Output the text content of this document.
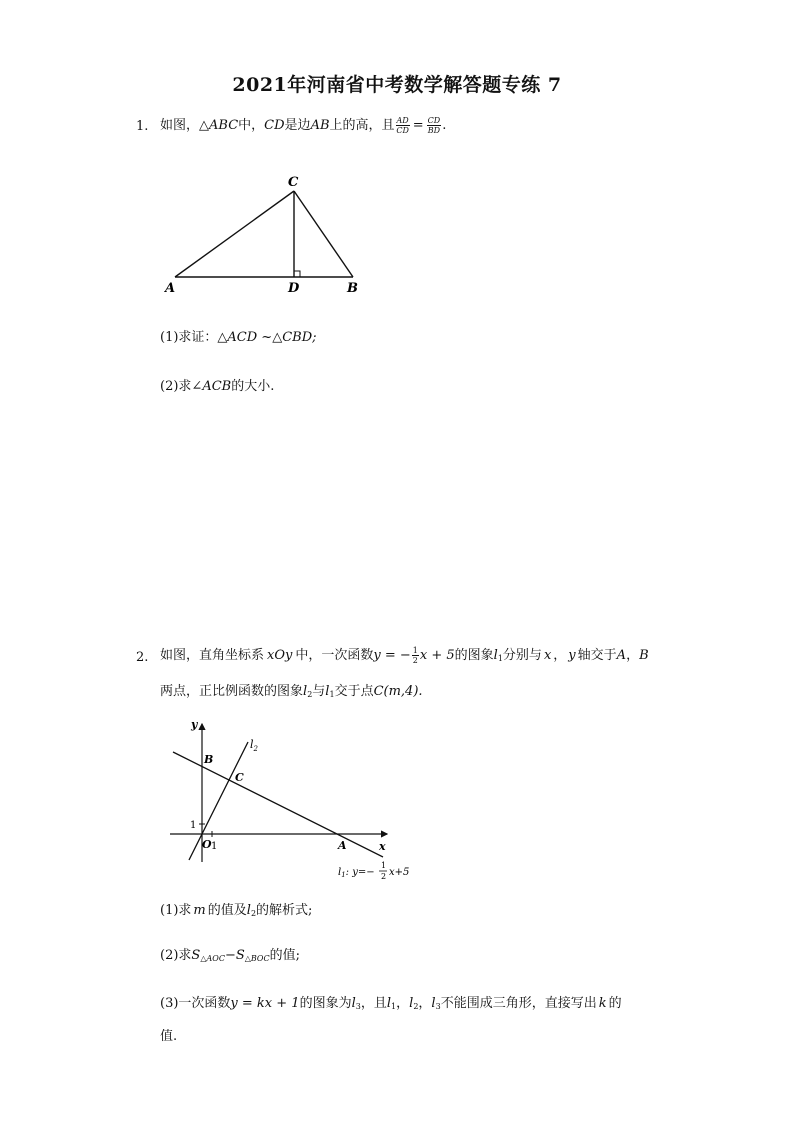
2021年河南省中考数学解答题专练 7
1. 如图，△ABC中，CD是边AB上的高，且 $\frac{AD}{CD} = \frac{CD}{BD}$ .
C
A	D	B
(1)求证：△ACD ~△CBD;
(2)求∠ACB的大小.
2. 如图，直角坐标系 xOy 中，一次函数y = − $\frac{1}{2}$ x + 5的图象$l_1$分别与 x ， y 轴交于A，B
两点，正比例函数的图象$l_2$与$l_1$交于点C(m,4).
y
x
O 1
1
B
C
A
$l_2$
$l_1$: y=−
1
2 x+5
(1)求 m 的值及$l_2$的解析式;
(2)求$S_{\triangle AOC}-S_{\triangle BOC}$的值;
(3)一次函数y = kx + 1的图象为$l_3$，且$l_1$，$l_2$，$l_3$不能围成三角形，直接写出 k 的
值.
